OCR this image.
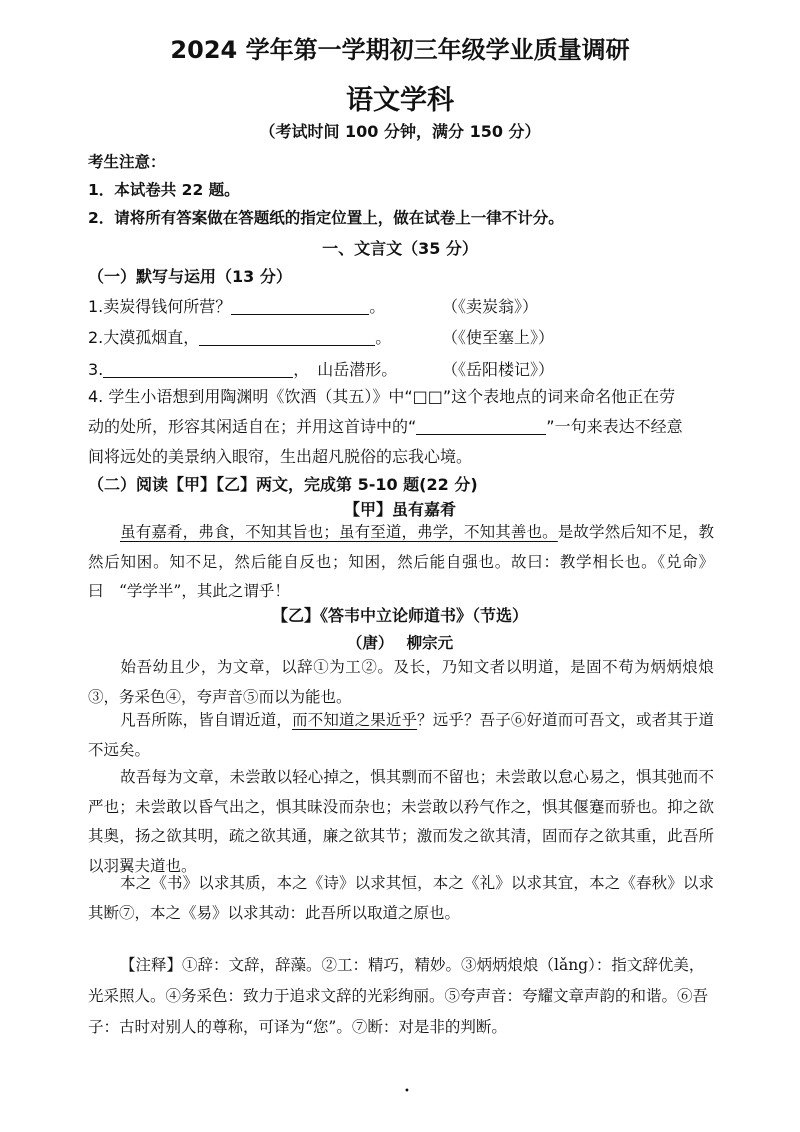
2024 学年第一学期初三年级学业质量调研
语文学科
（考试时间 100 分钟，满分 150 分）
考生注意：
1．本试卷共 22 题。
2．请将所有答案做在答题纸的指定位置上，做在试卷上一律不计分。
一、文言文（35 分）
（一）默写与运用（13 分）
1.卖炭得钱何所营？	。	（《卖炭翁》）
2.大漠孤烟直，	。	（《使至塞上》）
3.	，　山岳潜形。	（《岳阳楼记》）
4. 学生小语想到用陶渊明《饮酒（其五）》中“□□”这个表地点的词来命名他正在劳
动的处所，形容其闲适自在；并用这首诗中的“	”一句来表达不经意
间将远处的美景纳入眼帘，生出超凡脱俗的忘我心境。
（二）阅读【甲】【乙】两文，完成第 5-10 题(22 分)
【甲】虽有嘉肴
虽有嘉肴，弗食，不知其旨也；虽有至道，弗学，不知其善也。是故学然后知不足，教然后知困。知不足，然后能自反也；知困，然后能自强也。故曰：教学相长也。《兑命》曰　“学学半”，其此之谓乎！
【乙】《答韦中立论师道书》（节选）
（唐）　 柳宗元
始吾幼且少，为文章，以辞①为工②。及长，乃知文者以明道，是固不苟为炳炳烺烺③，务采色④，夸声音⑤而以为能也。
凡吾所陈，皆自谓近道，而不知道之果近乎？远乎？吾子⑥好道而可吾文，或者其于道不远矣。
故吾每为文章，未尝敢以轻心掉之，惧其剽而不留也；未尝敢以怠心易之，惧其弛而不严也；未尝敢以昏气出之，惧其昧没而杂也；未尝敢以矜气作之，惧其偃蹇而骄也。抑之欲其奥，扬之欲其明，疏之欲其通，廉之欲其节；激而发之欲其清，固而存之欲其重，此吾所以羽翼夫道也。
本之《书》以求其质，本之《诗》以求其恒，本之《礼》以求其宜，本之《春秋》以求其断⑦，本之《易》以求其动：此吾所以取道之原也。
【注释】①辞：文辞，辞藻。②工：精巧，精妙。③炳炳烺烺（lǎng）：指文辞优美，光采照人。④务采色：致力于追求文辞的光彩绚丽。⑤夸声音：夸耀文章声韵的和谐。⑥吾子：古时对别人的尊称，可译为“您”。⑦断：对是非的判断。
•
